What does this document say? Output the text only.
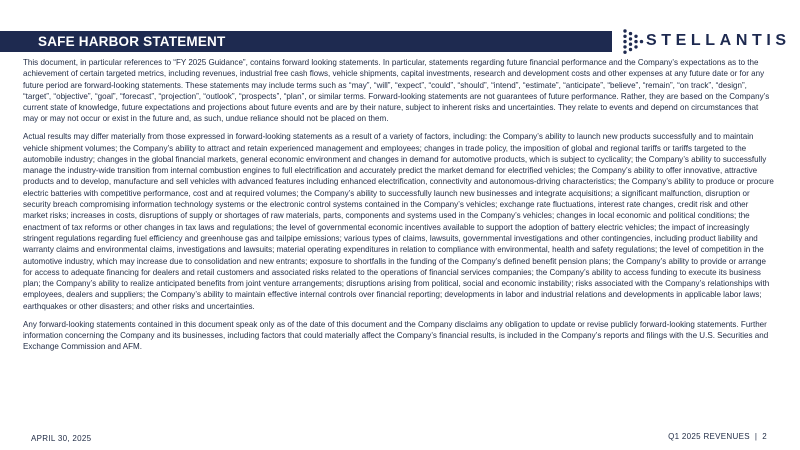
SAFE HARBOR STATEMENT	STELLANTIS

This document, in particular references to “FY 2025 Guidance”, contains forward looking statements. In particular, statements regarding future financial performance and the Company’s expectations as to the achievement of certain targeted metrics, including revenues, industrial free cash flows, vehicle shipments, capital investments, research and development costs and other expenses at any future date or for any future period are forward-looking statements. These statements may include terms such as “may”, “will”, “expect”, “could”, “should”, “intend”, “estimate”, “anticipate”, “believe”, “remain”, “on track”, “design”, “target”, “objective”, “goal”, “forecast”, “projection”, “outlook”, “prospects”, “plan”, or similar terms. Forward-looking statements are not guarantees of future performance. Rather, they are based on the Company’s current state of knowledge, future expectations and projections about future events and are by their nature, subject to inherent risks and uncertainties. They relate to events and depend on circumstances that may or may not occur or exist in the future and, as such, undue reliance should not be placed on them.

Actual results may differ materially from those expressed in forward-looking statements as a result of a variety of factors, including: the Company’s ability to launch new products successfully and to maintain vehicle shipment volumes; the Company’s ability to attract and retain experienced management and employees; changes in trade policy, the imposition of global and regional tariffs or tariffs targeted to the automobile industry; changes in the global financial markets, general economic environment and changes in demand for automotive products, which is subject to cyclicality; the Company’s ability to successfully manage the industry-wide transition from internal combustion engines to full electrification and accurately predict the market demand for electrified vehicles; the Company’s ability to offer innovative, attractive products and to develop, manufacture and sell vehicles with advanced features including enhanced electrification, connectivity and autonomous-driving characteristics; the Company’s ability to produce or procure electric batteries with competitive performance, cost and at required volumes; the Company’s ability to successfully launch new businesses and integrate acquisitions; a significant malfunction, disruption or security breach compromising information technology systems or the electronic control systems contained in the Company’s vehicles; exchange rate fluctuations, interest rate changes, credit risk and other market risks; increases in costs, disruptions of supply or shortages of raw materials, parts, components and systems used in the Company’s vehicles; changes in local economic and political conditions; the enactment of tax reforms or other changes in tax laws and regulations; the level of governmental economic incentives available to support the adoption of battery electric vehicles; the impact of increasingly stringent regulations regarding fuel efficiency and greenhouse gas and tailpipe emissions; various types of claims, lawsuits, governmental investigations and other contingencies, including product liability and warranty claims and environmental claims, investigations and lawsuits; material operating expenditures in relation to compliance with environmental, health and safety regulations; the level of competition in the automotive industry, which may increase due to consolidation and new entrants; exposure to shortfalls in the funding of the Company’s defined benefit pension plans; the Company’s ability to provide or arrange for access to adequate financing for dealers and retail customers and associated risks related to the operations of financial services companies; the Company’s ability to access funding to execute its business plan; the Company’s ability to realize anticipated benefits from joint venture arrangements; disruptions arising from political, social and economic instability; risks associated with the Company’s relationships with employees, dealers and suppliers; the Company’s ability to maintain effective internal controls over financial reporting; developments in labor and industrial relations and developments in applicable labor laws; earthquakes or other disasters; and other risks and uncertainties.

Any forward-looking statements contained in this document speak only as of the date of this document and the Company disclaims any obligation to update or revise publicly forward-looking statements. Further information concerning the Company and its businesses, including factors that could materially affect the Company’s financial results, is included in the Company’s reports and filings with the U.S. Securities and Exchange Commission and AFM.

APRIL 30, 2025	Q1 2025 REVENUES | 2
